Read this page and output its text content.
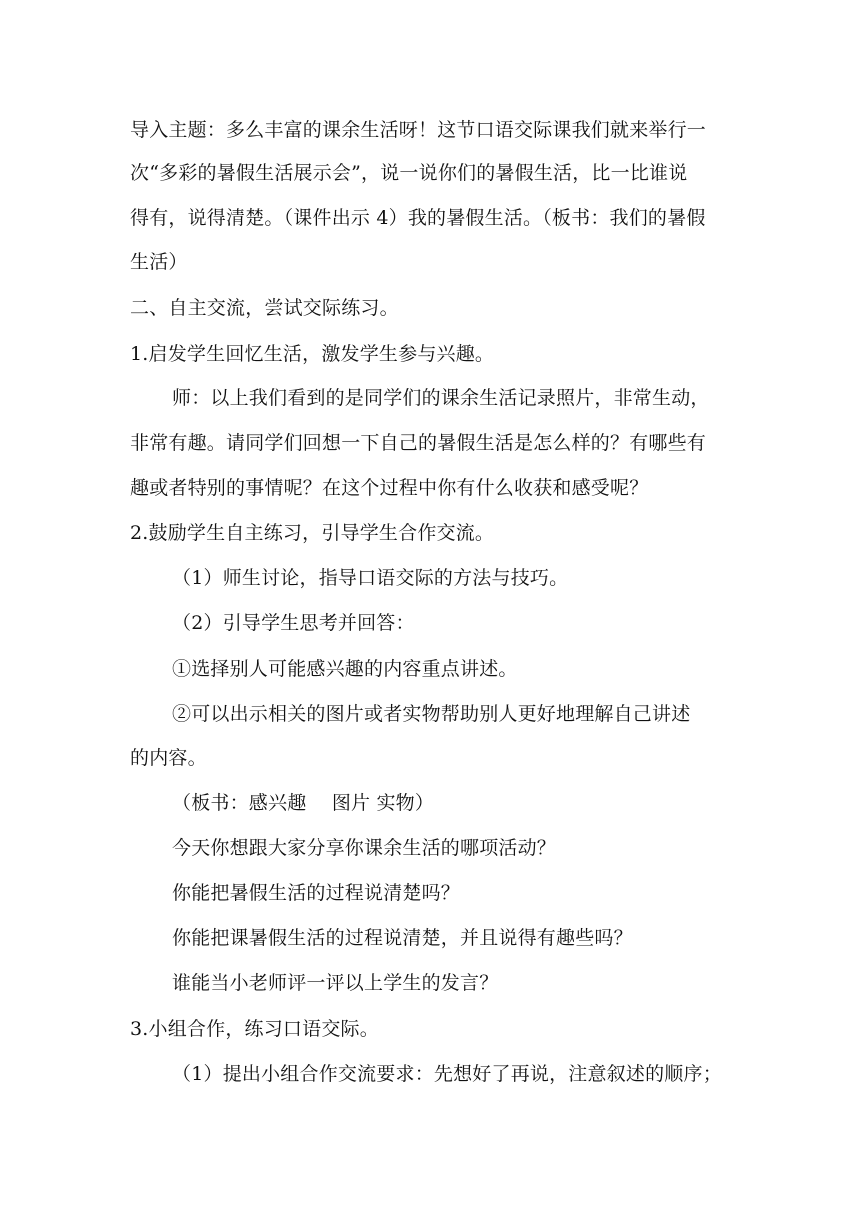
导入主题：多么丰富的课余生活呀！这节口语交际课我们就来举行一
次“多彩的暑假生活展示会”，说一说你们的暑假生活，比一比谁说
得有，说得清楚。（课件出示 4）我的暑假生活。（板书：我们的暑假
生活）
二、自主交流，尝试交际练习。
1.启发学生回忆生活，激发学生参与兴趣。
师：以上我们看到的是同学们的课余生活记录照片，非常生动，
非常有趣。请同学们回想一下自己的暑假生活是怎么样的？有哪些有
趣或者特别的事情呢？在这个过程中你有什么收获和感受呢？
2.鼓励学生自主练习，引导学生合作交流。
（1）师生讨论，指导口语交际的方法与技巧。
（2）引导学生思考并回答：
①选择别人可能感兴趣的内容重点讲述。
②可以出示相关的图片或者实物帮助别人更好地理解自己讲述
的内容。
（板书：感兴趣　 图片 实物）
今天你想跟大家分享你课余生活的哪项活动？
你能把暑假生活的过程说清楚吗？
你能把课暑假生活的过程说清楚，并且说得有趣些吗？
谁能当小老师评一评以上学生的发言？
3.小组合作，练习口语交际。
（1）提出小组合作交流要求：先想好了再说，注意叙述的顺序；
